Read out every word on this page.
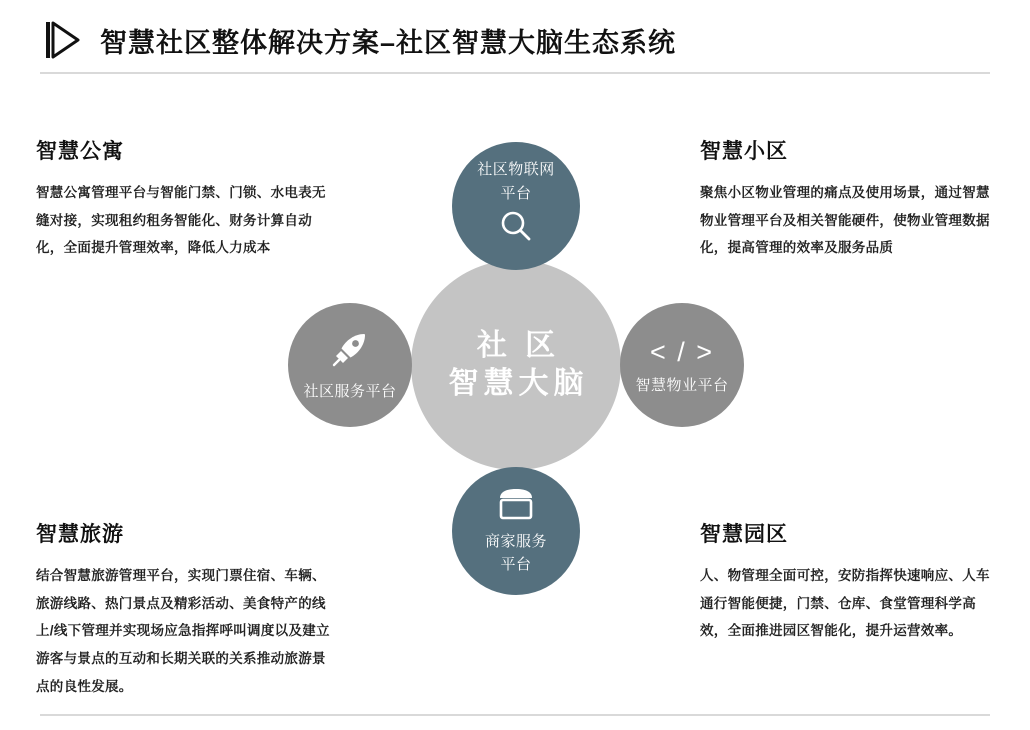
智慧社区整体解决方案–社区智慧大脑生态系统
社 区
智慧大脑
社区物联网
平台
商家服务
平台
社区服务平台
< / >
智慧物业平台
智慧公寓

智慧公寓管理平台与智能门禁、门锁、水电表无缝对接，实现租约租务智能化、财务计算自动化，全面提升管理效率，降低人力成本

智慧小区

聚焦小区物业管理的痛点及使用场景，通过智慧物业管理平台及相关智能硬件，使物业管理数据化，提高管理的效率及服务品质

智慧旅游

结合智慧旅游管理平台，实现门票住宿、车辆、旅游线路、热门景点及精彩活动、美食特产的线上/线下管理并实现场应急指挥呼叫调度以及建立游客与景点的互动和长期关联的关系推动旅游景点的良性发展。

智慧园区

人、物管理全面可控，安防指挥快速响应、人车通行智能便捷，门禁、仓库、食堂管理科学高效，全面推进园区智能化，提升运营效率。
